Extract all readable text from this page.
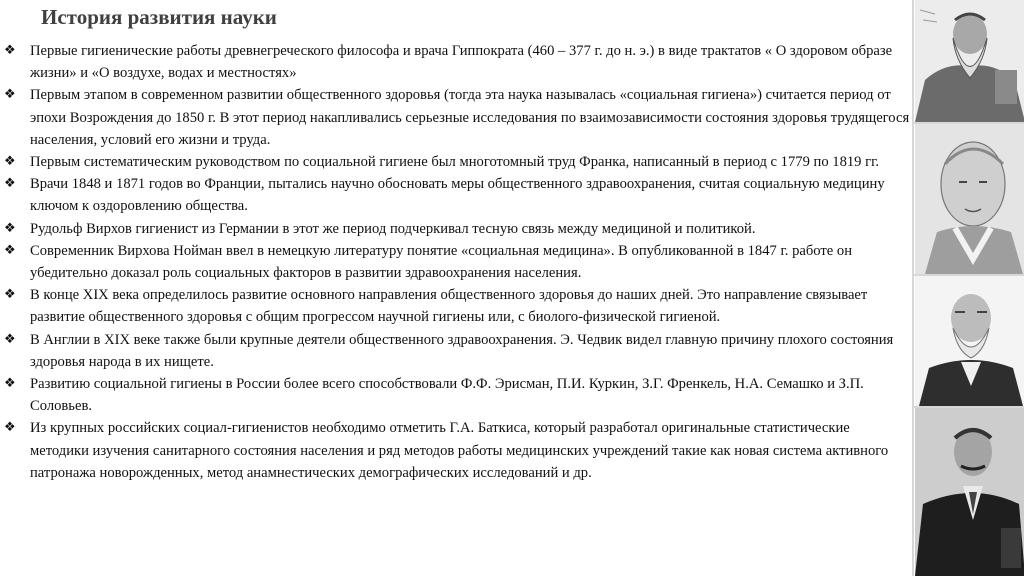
История развития науки
❖ Первые гигиенические работы древнегреческого философа и врача Гиппократа (460 – 377 г. до н. э.) в виде трактатов « О здоровом образе жизни» и «О воздухе, водах и местностях»
❖ Первым этапом в современном развитии общественного здоровья (тогда эта наука называлась «социальная гигиена») считается период от эпохи Возрождения до 1850 г. В этот период накапливались серьезные исследования по взаимозависимости состояния здоровья трудящегося населения, условий его жизни и труда.
❖ Первым систематическим руководством по социальной гигиене был многотомный труд Франка, написанный в период с 1779 по 1819 гг.
❖ Врачи 1848 и 1871 годов во Франции, пытались научно обосновать меры общественного здравоохранения, считая социальную медицину ключом к оздоровлению общества.
❖ Рудольф Вирхов гигиенист из Германии в этот же период подчеркивал тесную связь между медициной и политикой.
❖ Современник Вирхова Нойман ввел в немецкую литературу понятие «социальная медицина». В опубликованной в 1847 г. работе он убедительно доказал роль социальных факторов в развитии здравоохранения населения.
❖ В конце XIX века определилось развитие основного направления общественного здоровья до наших дней. Это направление связывает развитие общественного здоровья с общим прогрессом научной гигиены или, с биолого-физической гигиеной.
❖ В Англии в XIX веке также были крупные деятели общественного здравоохранения. Э. Чедвик видел главную причину плохого состояния здоровья народа в их нищете.
❖ Развитию социальной гигиены в России более всего способствовали Ф.Ф. Эрисман, П.И. Куркин, З.Г. Френкель, Н.А. Семашко и З.П. Соловьев.
❖ Из крупных российских социал-гигиенистов необходимо отметить Г.А. Баткиса, который разработал оригинальные статистические методики изучения санитарного состояния населения и ряд методов работы медицинских учреждений такие как новая система активного патронажа новорожденных, метод анамнестических демографических исследований и др.
